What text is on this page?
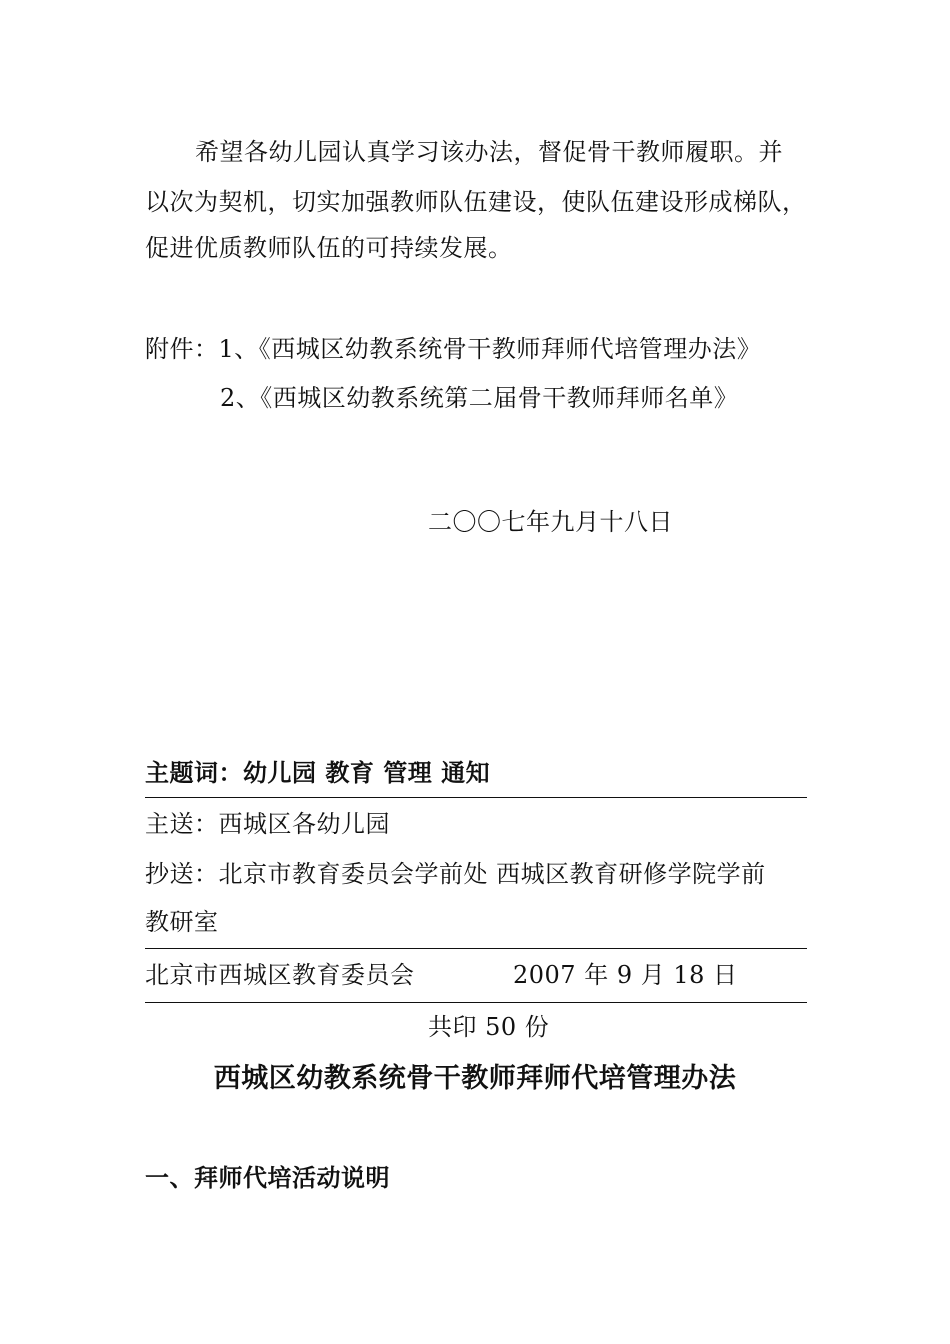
希望各幼儿园认真学习该办法，督促骨干教师履职。并
以次为契机，切实加强教师队伍建设，使队伍建设形成梯队，
促进优质教师队伍的可持续发展。
附件：1、《西城区幼教系统骨干教师拜师代培管理办法》
2、《西城区幼教系统第二届骨干教师拜师名单》
二〇〇七年九月十八日
主题词：幼儿园 教育 管理 通知
主送：西城区各幼儿园
抄送：北京市教育委员会学前处 西城区教育研修学院学前
教研室
北京市西城区教育委员会	2007 年 9 月 18 日
共印 50 份
西城区幼教系统骨干教师拜师代培管理办法
一、拜师代培活动说明
